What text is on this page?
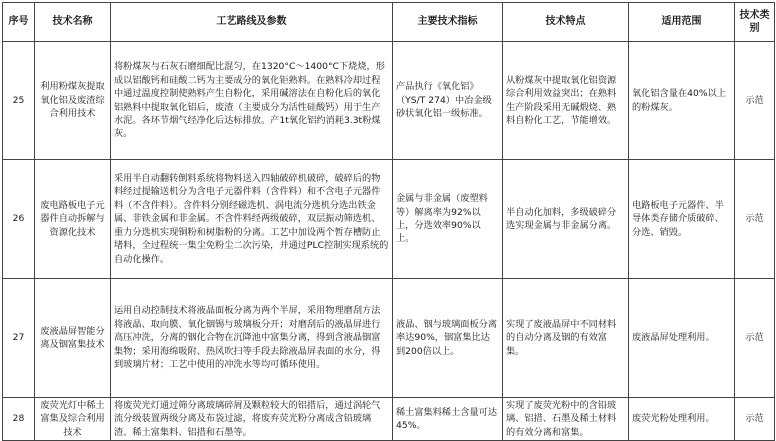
序号	技术名称	工艺路线及参数	主要技术指标	技术特点	适用范围	技术类别
25	利用粉煤灰提取氧化铝及废渣综合利用技术	将粉煤灰与石灰石磨细配比混匀，在1320°C～1400°C下烧烧，形成以铝酸钙和硅酸二钙为主要成分的氧化钜熟料。在熟料冷却过程中通过温度控制使熟料产生自粉化，采用碱溶法在自粉化后的氧化铝熟料中提取氧化铝后，废渣（主要成分为活性硅酸钙）用于生产水泥。各环节烟气经净化后达标排放。产1t氧化铝约消耗3.3t粉煤灰。	产品执行《氧化铝》（YS/T 274）中冶金级砂状氧化铝一级标准。	从粉煤灰中提取氧化铝资源综合利用效益突出；在熟料生产阶段采用无碱煅烧、熟料自粉化工艺，节能增效。	氧化铝含量在40%以上的粉煤灰。	示范
26	废电路板电子元器件自动拆解与资源化技术	采用半自动翻转倒料系统将物料送入四轴破碎机破碎，破碎后的物料经过提输送机分为含电子元器件料（含件料）和不含电子元器件料（不含件料）。含件料分别经磁选机、涡电流分选机分选出铁金属、非铁金属和非金属。不含件料经两级破碎，双层振动筛选机、重力分选机实现铜粉和树脂粉的分离。工艺中加设两个暂存槽防止堵料，全过程统一集尘免粉尘二次污染，并通过PLC控制实现系统的自动化操作。	金属与非金属（废塑料等）解离率为92%以上，分选效率90%以上。	半自动化加料，多级破碎分选实现金属与非金属分离。	电路板电子元器件、半导体类存储介质破碎、分选、销毁。	示范
27	废液晶屏智能分离及铟富集技术	运用自动控制技术将液晶面板分离为两个半屏，采用物理磨刮方法将液晶、取向膜、氧化铟锡与玻璃板分开；对磨刮后的液晶屏进行高压冲洗，分离的铟化合物在沉降池中富集分离，得到含液晶铟富集物；采用海绵吸附、热风吹扫等手段去除液晶屏表面的水分，得到玻璃片材；工艺中使用的冲洗水等均可循环使用。	液晶、铟与玻璃面板分离率达90%，铟富集比达到200倍以上。	实现了废液晶屏中不同材料的自动分离及铟的有效富集。	废液晶屏处理利用。	示范
28	废荧光灯中稀土富集及综合利用技术	将废荧光灯通过筛分离玻璃碎屑及颗粒较大的铝措后，通过涡轮气流分级装置两级分离及布袋过滤，将废弃荧光粉分离成含铅玻璃渣、稀土富集料、铝措和石墨等。	稀土富集料稀土含量可达45%。	实现了废荧光粉中的含铅玻璃、铝措、石墨及稀土材料的有效分离和富集。	废荧光粉处理利用。	示范
